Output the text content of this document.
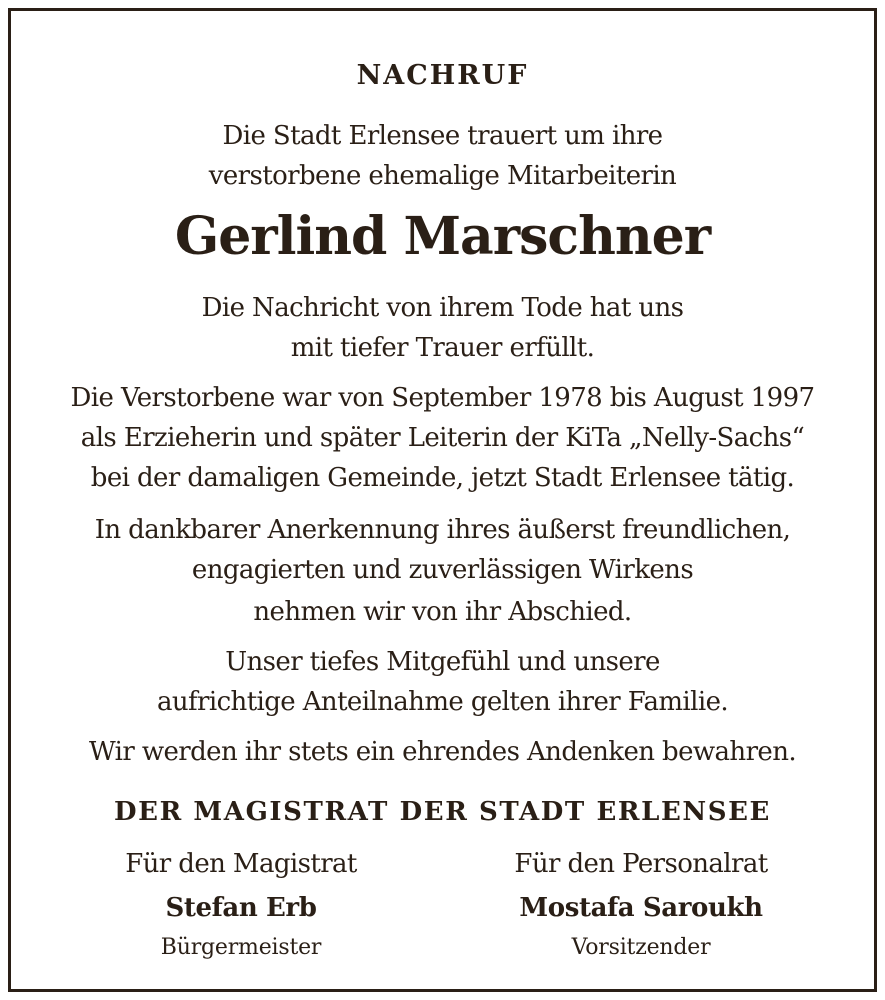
NACHRUF
Die Stadt Erlensee trauert um ihre
verstorbene ehemalige Mitarbeiterin
Gerlind Marschner
Die Nachricht von ihrem Tode hat uns
mit tiefer Trauer erfüllt.
Die Verstorbene war von September 1978 bis August 1997
als Erzieherin und später Leiterin der KiTa „Nelly-Sachs“
bei der damaligen Gemeinde, jetzt Stadt Erlensee tätig.
In dankbarer Anerkennung ihres äußerst freundlichen,
engagierten und zuverlässigen Wirkens
nehmen wir von ihr Abschied.
Unser tiefes Mitgefühl und unsere
aufrichtige Anteilnahme gelten ihrer Familie.
Wir werden ihr stets ein ehrendes Andenken bewahren.
DER MAGISTRAT DER STADT ERLENSEE
Für den Magistrat
Stefan Erb
Bürgermeister
Für den Personalrat
Mostafa Saroukh
Vorsitzender
